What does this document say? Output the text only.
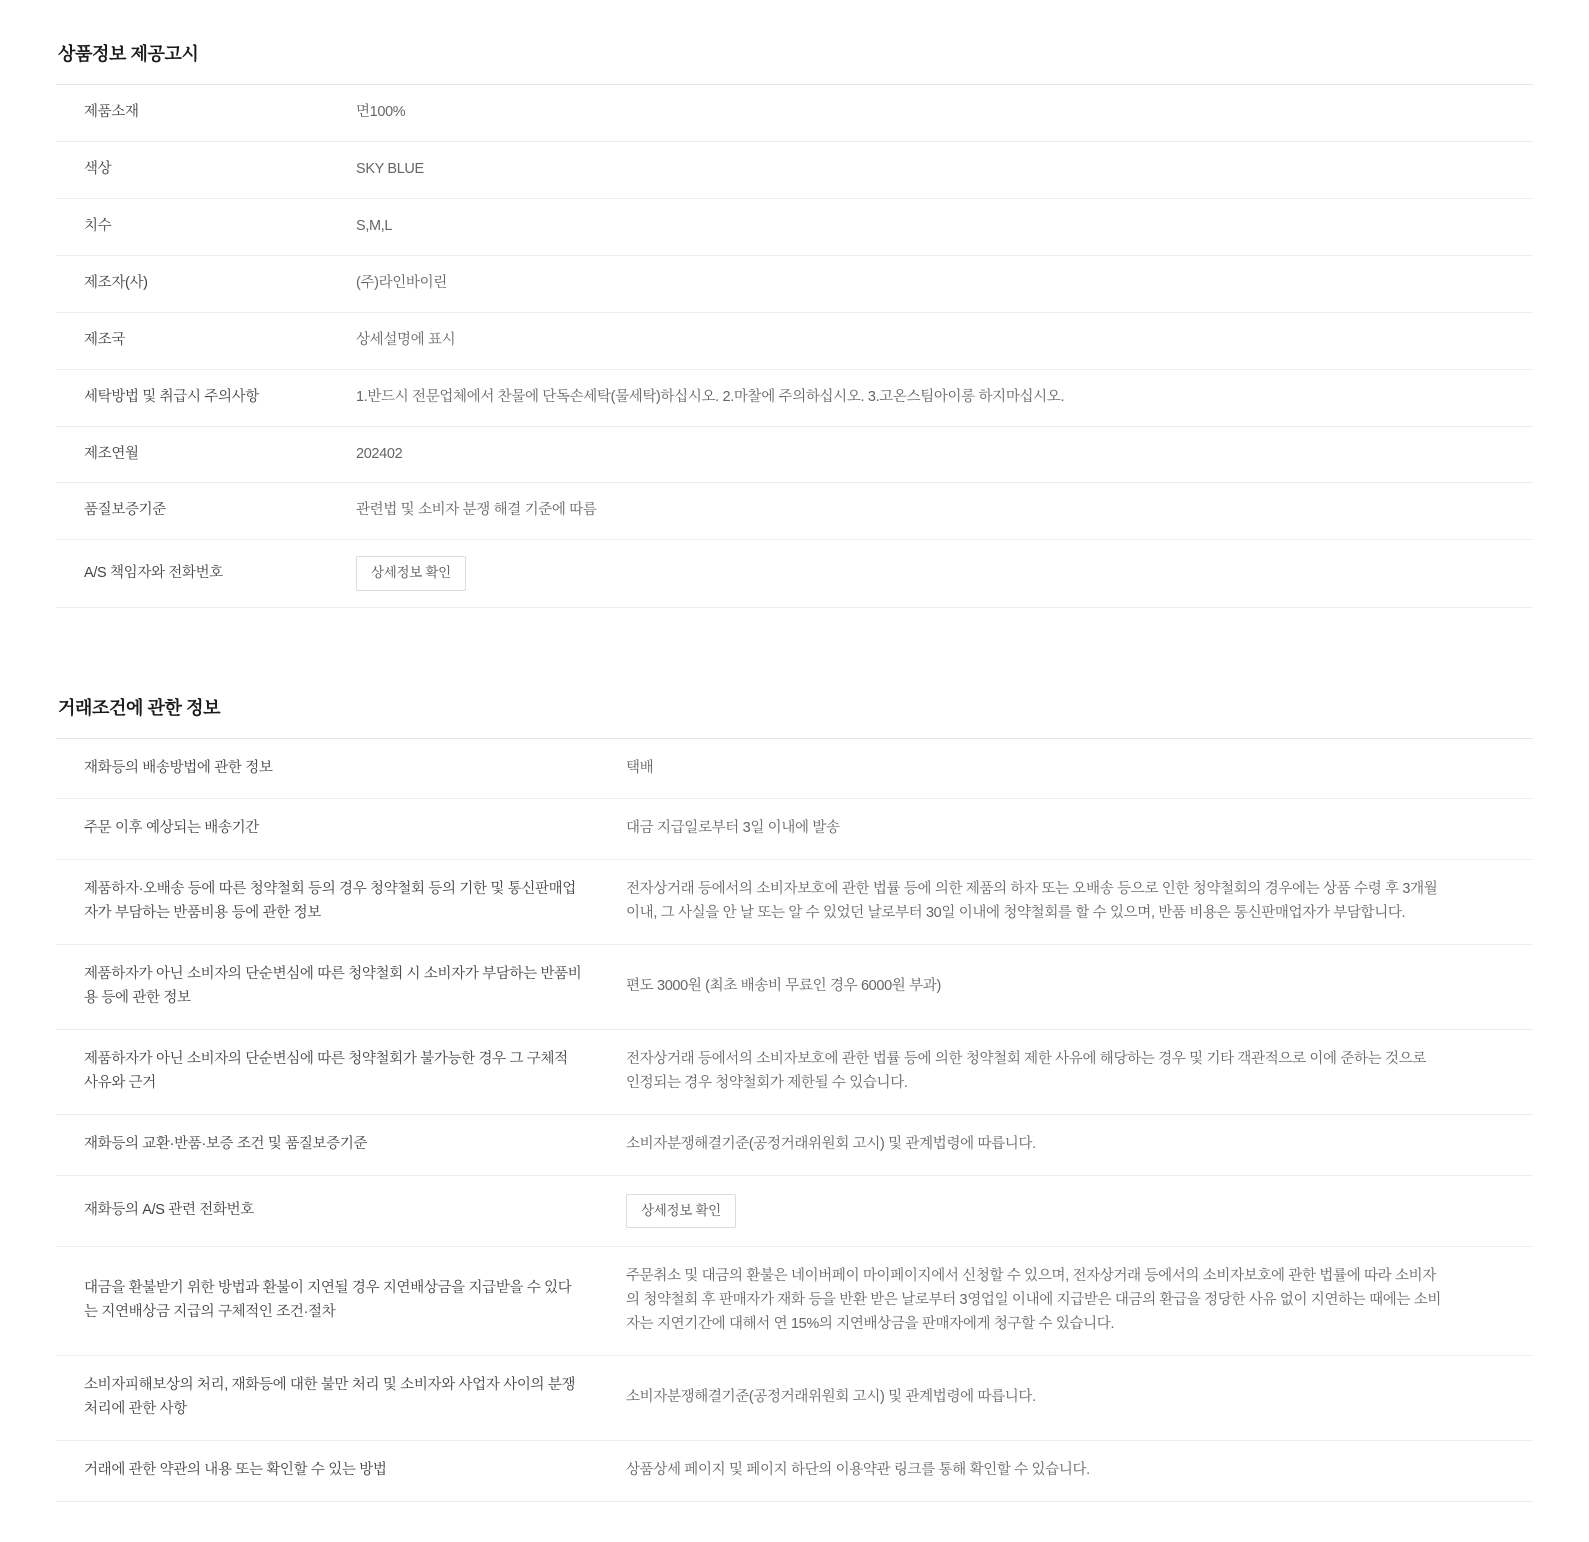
상품정보 제공고시
제품소재	면100%
색상	SKY BLUE
치수	S,M,L
제조자(사)	(주)라인바이린
제조국	상세설명에 표시
세탁방법 및 취급시 주의사항	1.반드시 전문업체에서 찬물에 단독손세탁(물세탁)하십시오. 2.마찰에 주의하십시오. 3.고온스팀아이롱 하지마십시오.
제조연월	202402
품질보증기준	관련법 및 소비자 분쟁 해결 기준에 따름
A/S 책임자와 전화번호	상세정보 확인
거래조건에 관한 정보
재화등의 배송방법에 관한 정보	택배
주문 이후 예상되는 배송기간	대금 지급일로부터 3일 이내에 발송
제품하자·오배송 등에 따른 청약철회 등의 경우 청약철회 등의 기한 및 통신판매업자가 부담하는 반품비용 등에 관한 정보	전자상거래 등에서의 소비자보호에 관한 법률 등에 의한 제품의 하자 또는 오배송 등으로 인한 청약철회의 경우에는 상품 수령 후 3개월 이내, 그 사실을 안 날 또는 알 수 있었던 날로부터 30일 이내에 청약철회를 할 수 있으며, 반품 비용은 통신판매업자가 부담합니다.
제품하자가 아닌 소비자의 단순변심에 따른 청약철회 시 소비자가 부담하는 반품비용 등에 관한 정보	편도 3000원 (최초 배송비 무료인 경우 6000원 부과)
제품하자가 아닌 소비자의 단순변심에 따른 청약철회가 불가능한 경우 그 구체적 사유와 근거	전자상거래 등에서의 소비자보호에 관한 법률 등에 의한 청약철회 제한 사유에 해당하는 경우 및 기타 객관적으로 이에 준하는 것으로 인정되는 경우 청약철회가 제한될 수 있습니다.
재화등의 교환·반품·보증 조건 및 품질보증기준	소비자분쟁해결기준(공정거래위원회 고시) 및 관계법령에 따릅니다.
재화등의 A/S 관련 전화번호	상세정보 확인
대금을 환불받기 위한 방법과 환불이 지연될 경우 지연배상금을 지급받을 수 있다는 지연배상금 지급의 구체적인 조건·절차	주문취소 및 대금의 환불은 네이버페이 마이페이지에서 신청할 수 있으며, 전자상거래 등에서의 소비자보호에 관한 법률에 따라 소비자의 청약철회 후 판매자가 재화 등을 반환 받은 날로부터 3영업일 이내에 지급받은 대금의 환급을 정당한 사유 없이 지연하는 때에는 소비자는 지연기간에 대해서 연 15%의 지연배상금을 판매자에게 청구할 수 있습니다.
소비자피해보상의 처리, 재화등에 대한 불만 처리 및 소비자와 사업자 사이의 분쟁처리에 관한 사항	소비자분쟁해결기준(공정거래위원회 고시) 및 관계법령에 따릅니다.
거래에 관한 약관의 내용 또는 확인할 수 있는 방법	상품상세 페이지 및 페이지 하단의 이용약관 링크를 통해 확인할 수 있습니다.
